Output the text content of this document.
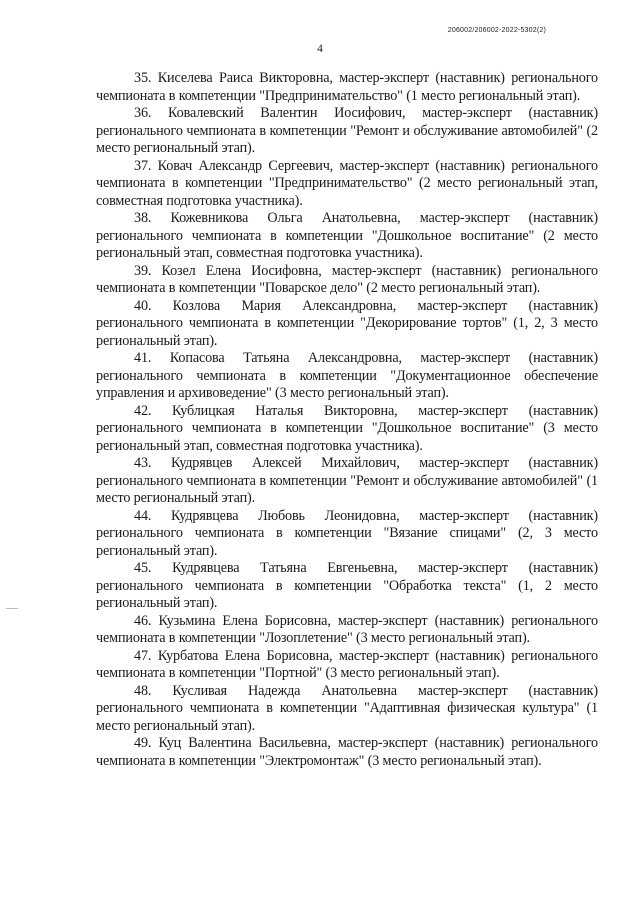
206002/206002-2022-5302(2)
4

35. Киселева Раиса Викторовна, мастер-эксперт (наставник) регионального чемпионата в компетенции "Предпринимательство" (1 место региональный этап).

36. Ковалевский Валентин Иосифович, мастер-эксперт (наставник) регионального чемпионата в компетенции "Ремонт и обслуживание автомобилей" (2 место региональный этап).

37. Ковач Александр Сергеевич, мастер-эксперт (наставник) регионального чемпионата в компетенции "Предпринимательство" (2 место региональный этап, совместная подготовка участника).

38. Кожевникова Ольга Анатольевна, мастер-эксперт (наставник) регионального чемпионата в компетенции "Дошкольное воспитание" (2 место региональный этап, совместная подготовка участника).

39. Козел Елена Иосифовна, мастер-эксперт (наставник) регионального чемпионата в компетенции "Поварское дело" (2 место региональный этап).

40. Козлова Мария Александровна, мастер-эксперт (наставник) регионального чемпионата в компетенции "Декорирование тортов" (1, 2, 3 место региональный этап).

41. Копасова Татьяна Александровна, мастер-эксперт (наставник) регионального чемпионата в компетенции "Документационное обеспечение управления и архивоведение" (3 место региональный этап).

42. Кублицкая Наталья Викторовна, мастер-эксперт (наставник) регионального чемпионата в компетенции "Дошкольное воспитание" (3 место региональный этап, совместная подготовка участника).

43. Кудрявцев Алексей Михайлович, мастер-эксперт (наставник) регионального чемпионата в компетенции "Ремонт и обслуживание автомобилей" (1 место региональный этап).

44. Кудрявцева Любовь Леонидовна, мастер-эксперт (наставник) регионального чемпионата в компетенции "Вязание спицами" (2, 3 место региональный этап).

45. Кудрявцева Татьяна Евгеньевна, мастер-эксперт (наставник) регионального чемпионата в компетенции "Обработка текста" (1, 2 место региональный этап).

46. Кузьмина Елена Борисовна, мастер-эксперт (наставник) регионального чемпионата в компетенции "Лозоплетение" (3 место региональный этап).

47. Курбатова Елена Борисовна, мастер-эксперт (наставник) регионального чемпионата в компетенции "Портной" (3 место региональный этап).

48. Кусливая Надежда Анатольевна мастер-эксперт (наставник) регионального чемпионата в компетенции "Адаптивная физическая культура" (1 место региональный этап).

49. Куц Валентина Васильевна, мастер-эксперт (наставник) регионального чемпионата в компетенции "Электромонтаж" (3 место региональный этап).
